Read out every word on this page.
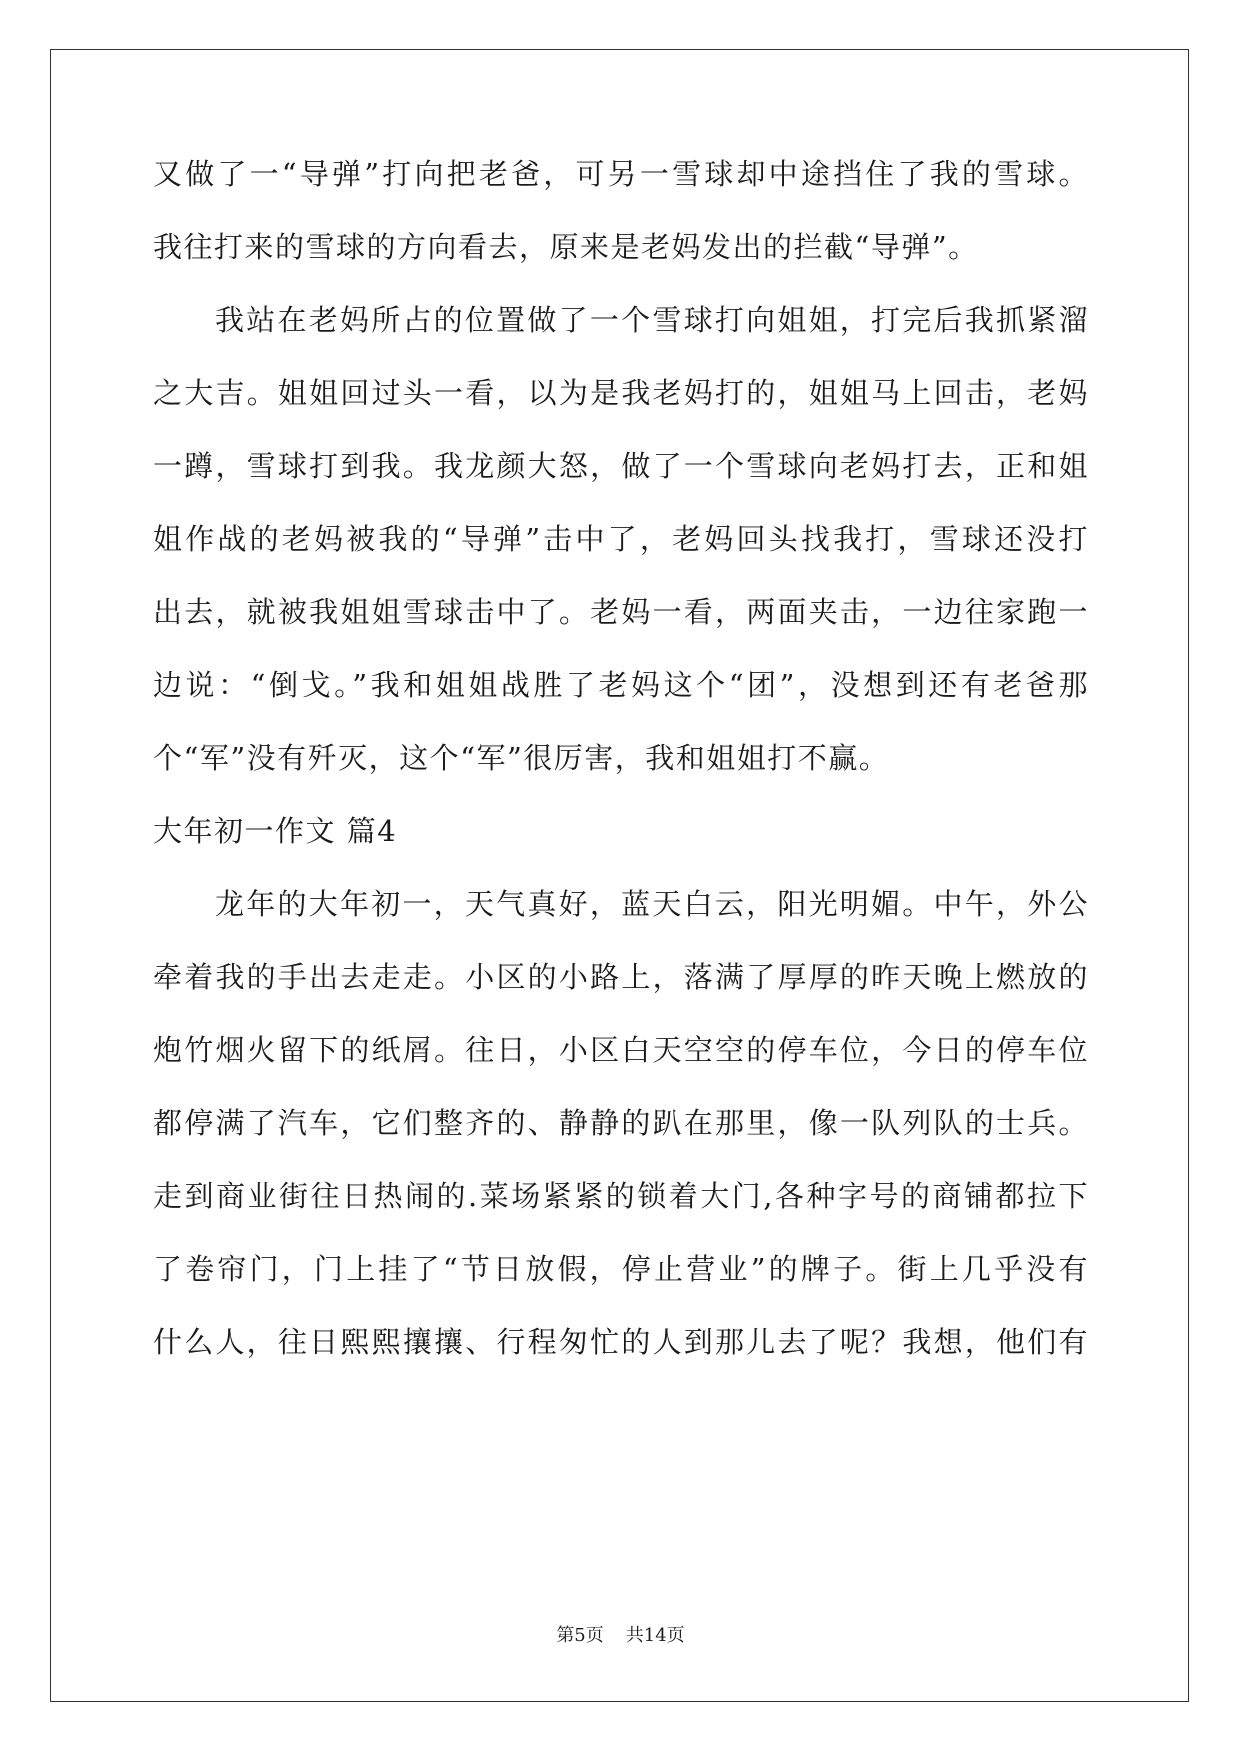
又做了一“导弹”打向把老爸，可另一雪球却中途挡住了我的雪球。
我往打来的雪球的方向看去，原来是老妈发出的拦截“导弹”。
我站在老妈所占的位置做了一个雪球打向姐姐，打完后我抓紧溜
之大吉。姐姐回过头一看，以为是我老妈打的，姐姐马上回击，老妈
一蹲，雪球打到我。我龙颜大怒，做了一个雪球向老妈打去，正和姐
姐作战的老妈被我的“导弹”击中了，老妈回头找我打，雪球还没打
出去，就被我姐姐雪球击中了。老妈一看，两面夹击，一边往家跑一
边说：“倒戈。”我和姐姐战胜了老妈这个“团”，没想到还有老爸那
个“军”没有歼灭，这个“军”很厉害，我和姐姐打不赢。
大年初一作文 篇4
龙年的大年初一，天气真好，蓝天白云，阳光明媚。中午，外公
牵着我的手出去走走。小区的小路上，落满了厚厚的昨天晚上燃放的
炮竹烟火留下的纸屑。往日，小区白天空空的停车位，今日的停车位
都停满了汽车，它们整齐的、静静的趴在那里，像一队列队的士兵。
走到商业街往日热闹的.菜场紧紧的锁着大门,各种字号的商铺都拉下
了卷帘门，门上挂了“节日放假，停止营业”的牌子。街上几乎没有
什么人，往日熙熙攘攘、行程匆忙的人到那儿去了呢？我想，他们有
第5页 共14页
